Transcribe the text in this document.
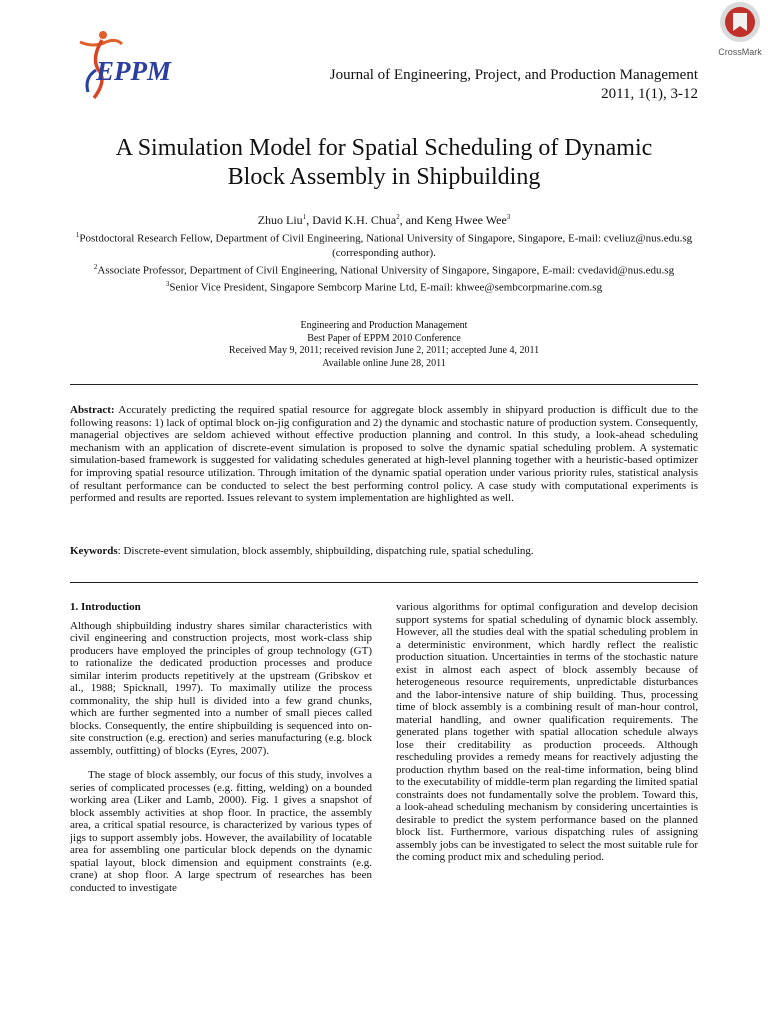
EPPM
CrossMark
Journal of Engineering, Project, and Production Management
2011, 1(1), 3-12
A Simulation Model for Spatial Scheduling of Dynamic
Block Assembly in Shipbuilding
Zhuo Liu$^1$, David K.H. Chua$^2$, and Keng Hwee Wee$^3$

$^1$Postdoctoral Research Fellow, Department of Civil Engineering, National University of Singapore, Singapore, E-mail: cveliuz@nus.edu.sg (corresponding author).

$^2$Associate Professor, Department of Civil Engineering, National University of Singapore, Singapore, E-mail: cvedavid@nus.edu.sg

$^3$Senior Vice President, Singapore Sembcorp Marine Ltd, E-mail: khwee@sembcorpmarine.com.sg

Engineering and Production Management

Best Paper of EPPM 2010 Conference

Received May 9, 2011; received revision June 2, 2011; accepted June 4, 2011

Available online June 28, 2011

Abstract: Accurately predicting the required spatial resource for aggregate block assembly in shipyard production is difficult due to the following reasons: 1) lack of optimal block on-jig configuration and 2) the dynamic and stochastic nature of production system. Consequently, managerial objectives are seldom achieved without effective production planning and control. In this study, a look-ahead scheduling mechanism with an application of discrete-event simulation is proposed to solve the dynamic spatial scheduling problem. A systematic simulation-based framework is suggested for validating schedules generated at high-level planning together with a heuristic-based optimizer for improving spatial resource utilization. Through imitation of the dynamic spatial operation under various priority rules, statistical analysis of resultant performance can be conducted to select the best performing control policy. A case study with computational experiments is performed and results are reported. Issues relevant to system implementation are highlighted as well.
Keywords: Discrete-event simulation, block assembly, shipbuilding, dispatching rule, spatial scheduling.

1. Introduction

Although shipbuilding industry shares similar characteristics with civil engineering and construction projects, most work-class ship producers have employed the principles of group technology (GT) to rationalize the dedicated production processes and produce similar interim products repetitively at the upstream (Gribskov et al., 1988; Spicknall, 1997). To maximally utilize the process commonality, the ship hull is divided into a few grand chunks, which are further segmented into a number of small pieces called blocks. Consequently, the entire shipbuilding is sequenced into on-site construction (e.g. erection) and series manufacturing (e.g. block assembly, outfitting) of blocks (Eyres, 2007).

The stage of block assembly, our focus of this study, involves a series of complicated processes (e.g. fitting, welding) on a bounded working area (Liker and Lamb, 2000). Fig. 1 gives a snapshot of block assembly activities at shop floor. In practice, the assembly area, a critical spatial resource, is characterized by various types of jigs to support assembly jobs. However, the availability of locatable area for assembling one particular block depends on the dynamic spatial layout, block dimension and equipment constraints (e.g. crane) at shop floor. A large spectrum of researches has been conducted to investigate

various algorithms for optimal configuration and develop decision support systems for spatial scheduling of dynamic block assembly. However, all the studies deal with the spatial scheduling problem in a deterministic environment, which hardly reflect the realistic production situation. Uncertainties in terms of the stochastic nature exist in almost each aspect of block assembly because of heterogeneous resource requirements, unpredictable disturbances and the labor-intensive nature of ship building. Thus, processing time of block assembly is a combining result of man-hour control, material handling, and owner qualification requirements. The generated plans together with spatial allocation schedule always lose their creditability as production proceeds. Although rescheduling provides a remedy means for reactively adjusting the production rhythm based on the real-time information, being blind to the executability of middle-term plan regarding the limited spatial constraints does not fundamentally solve the problem. Toward this, a look-ahead scheduling mechanism by considering uncertainties is desirable to predict the system performance based on the planned block list. Furthermore, various dispatching rules of assigning assembly jobs can be investigated to select the most suitable rule for the coming product mix and scheduling period.
